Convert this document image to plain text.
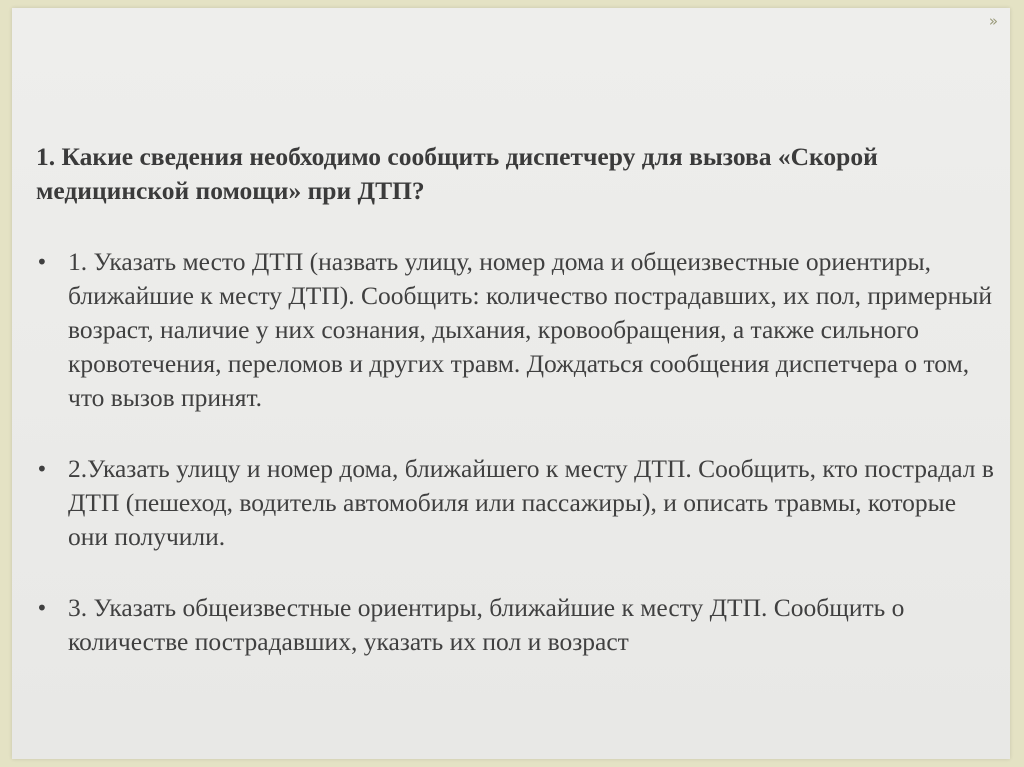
»

1. Какие сведения необходимо сообщить диспетчеру для вызова «Скорой медицинской помощи» при ДТП?

• 1. Указать место ДТП (назвать улицу, номер дома и общеизвестные ориентиры, ближайшие к месту ДТП). Сообщить: количество пострадавших, их пол, примерный возраст, наличие у них сознания, дыхания, кровообращения, а также сильного кровотечения, переломов и других травм. Дождаться сообщения диспетчера о том, что вызов принят.
• 2.Указать улицу и номер дома, ближайшего к месту ДТП. Сообщить, кто пострадал в ДТП (пешеход, водитель автомобиля или пассажиры), и описать травмы, которые они получили.
• 3. Указать общеизвестные ориентиры, ближайшие к месту ДТП. Сообщить о количестве пострадавших, указать их пол и возраст
